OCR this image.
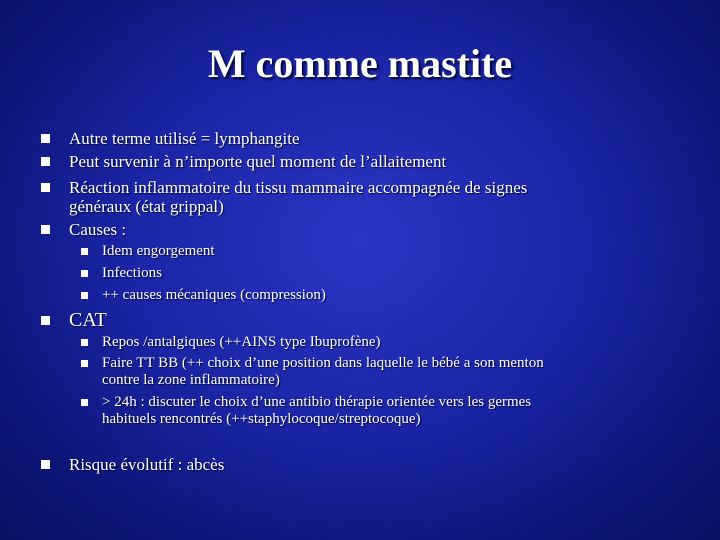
M comme mastite
Autre terme utilisé = lymphangite
Peut survenir à n’importe quel moment de l’allaitement
Réaction inflammatoire du tissu mammaire accompagnée de signes
généraux (état grippal)
Causes :
Idem engorgement
Infections
++ causes mécaniques (compression)
CAT
Repos /antalgiques (++AINS type Ibuprofène)
Faire TT BB (++ choix d’une position dans laquelle le bébé a son menton
contre la zone inflammatoire)
> 24h : discuter le choix d’une antibio thérapie orientée vers les germes
habituels rencontrés (++staphylocoque/streptocoque)
Risque évolutif : abcès
